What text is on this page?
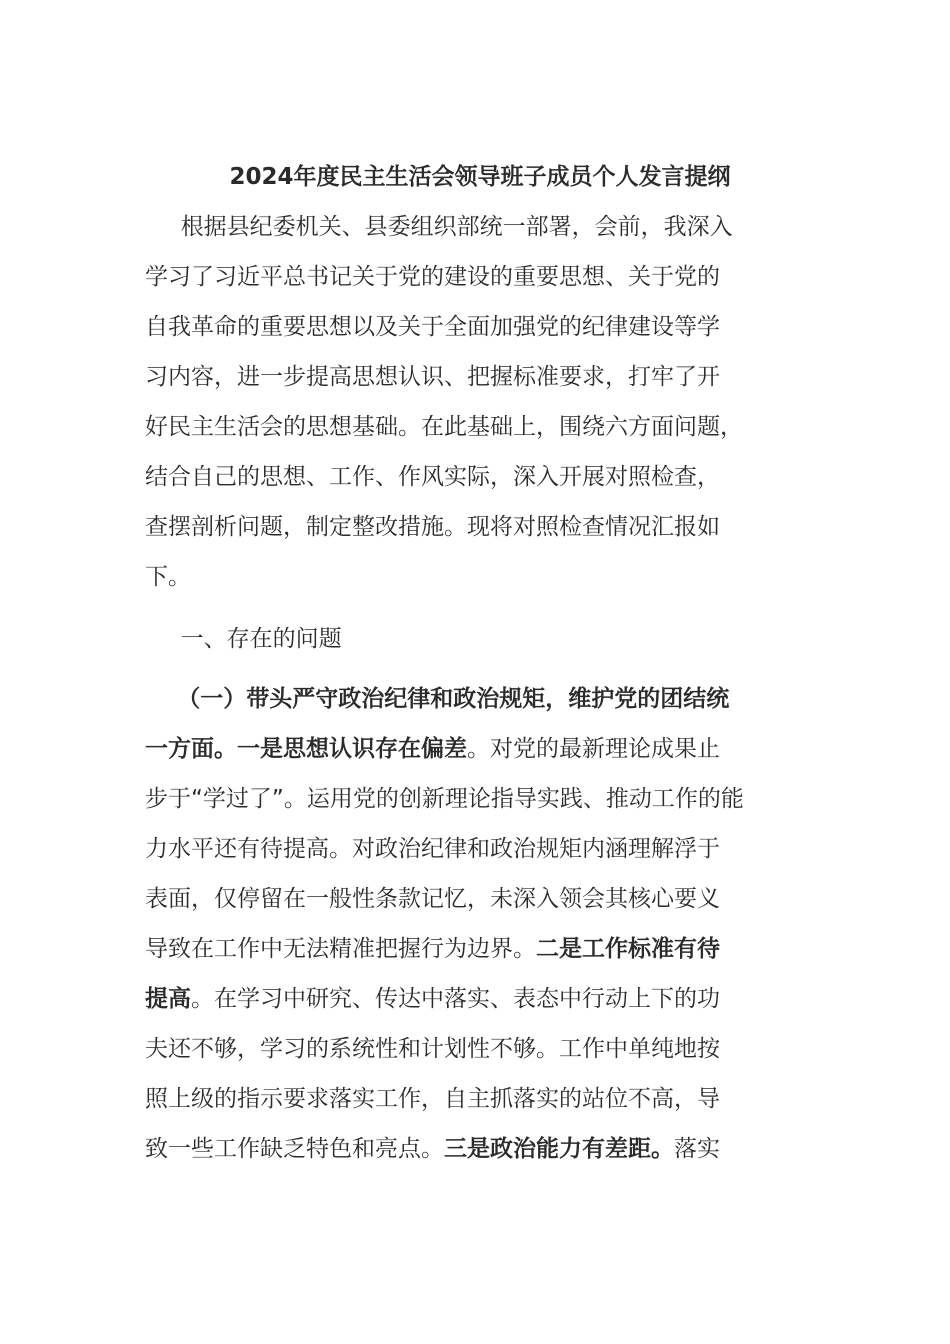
2024年度民主生活会领导班子成员个人发言提纲
根据县纪委机关、县委组织部统一部署，会前，我深入
学习了习近平总书记关于党的建设的重要思想、关于党的
自我革命的重要思想以及关于全面加强党的纪律建设等学
习内容，进一步提高思想认识、把握标准要求，打牢了开
好民主生活会的思想基础。在此基础上，围绕六方面问题，
结合自己的思想、工作、作风实际，深入开展对照检查，
查摆剖析问题，制定整改措施。现将对照检查情况汇报如
下。
一、存在的问题
（一）带头严守政治纪律和政治规矩，维护党的团结统
一方面。一是思想认识存在偏差。对党的最新理论成果止
步于“学过了”。运用党的创新理论指导实践、推动工作的能
力水平还有待提高。对政治纪律和政治规矩内涵理解浮于
表面，仅停留在一般性条款记忆，未深入领会其核心要义
导致在工作中无法精准把握行为边界。二是工作标准有待
提高。在学习中研究、传达中落实、表态中行动上下的功
夫还不够，学习的系统性和计划性不够。工作中单纯地按
照上级的指示要求落实工作，自主抓落实的站位不高，导
致一些工作缺乏特色和亮点。三是政治能力有差距。落实
